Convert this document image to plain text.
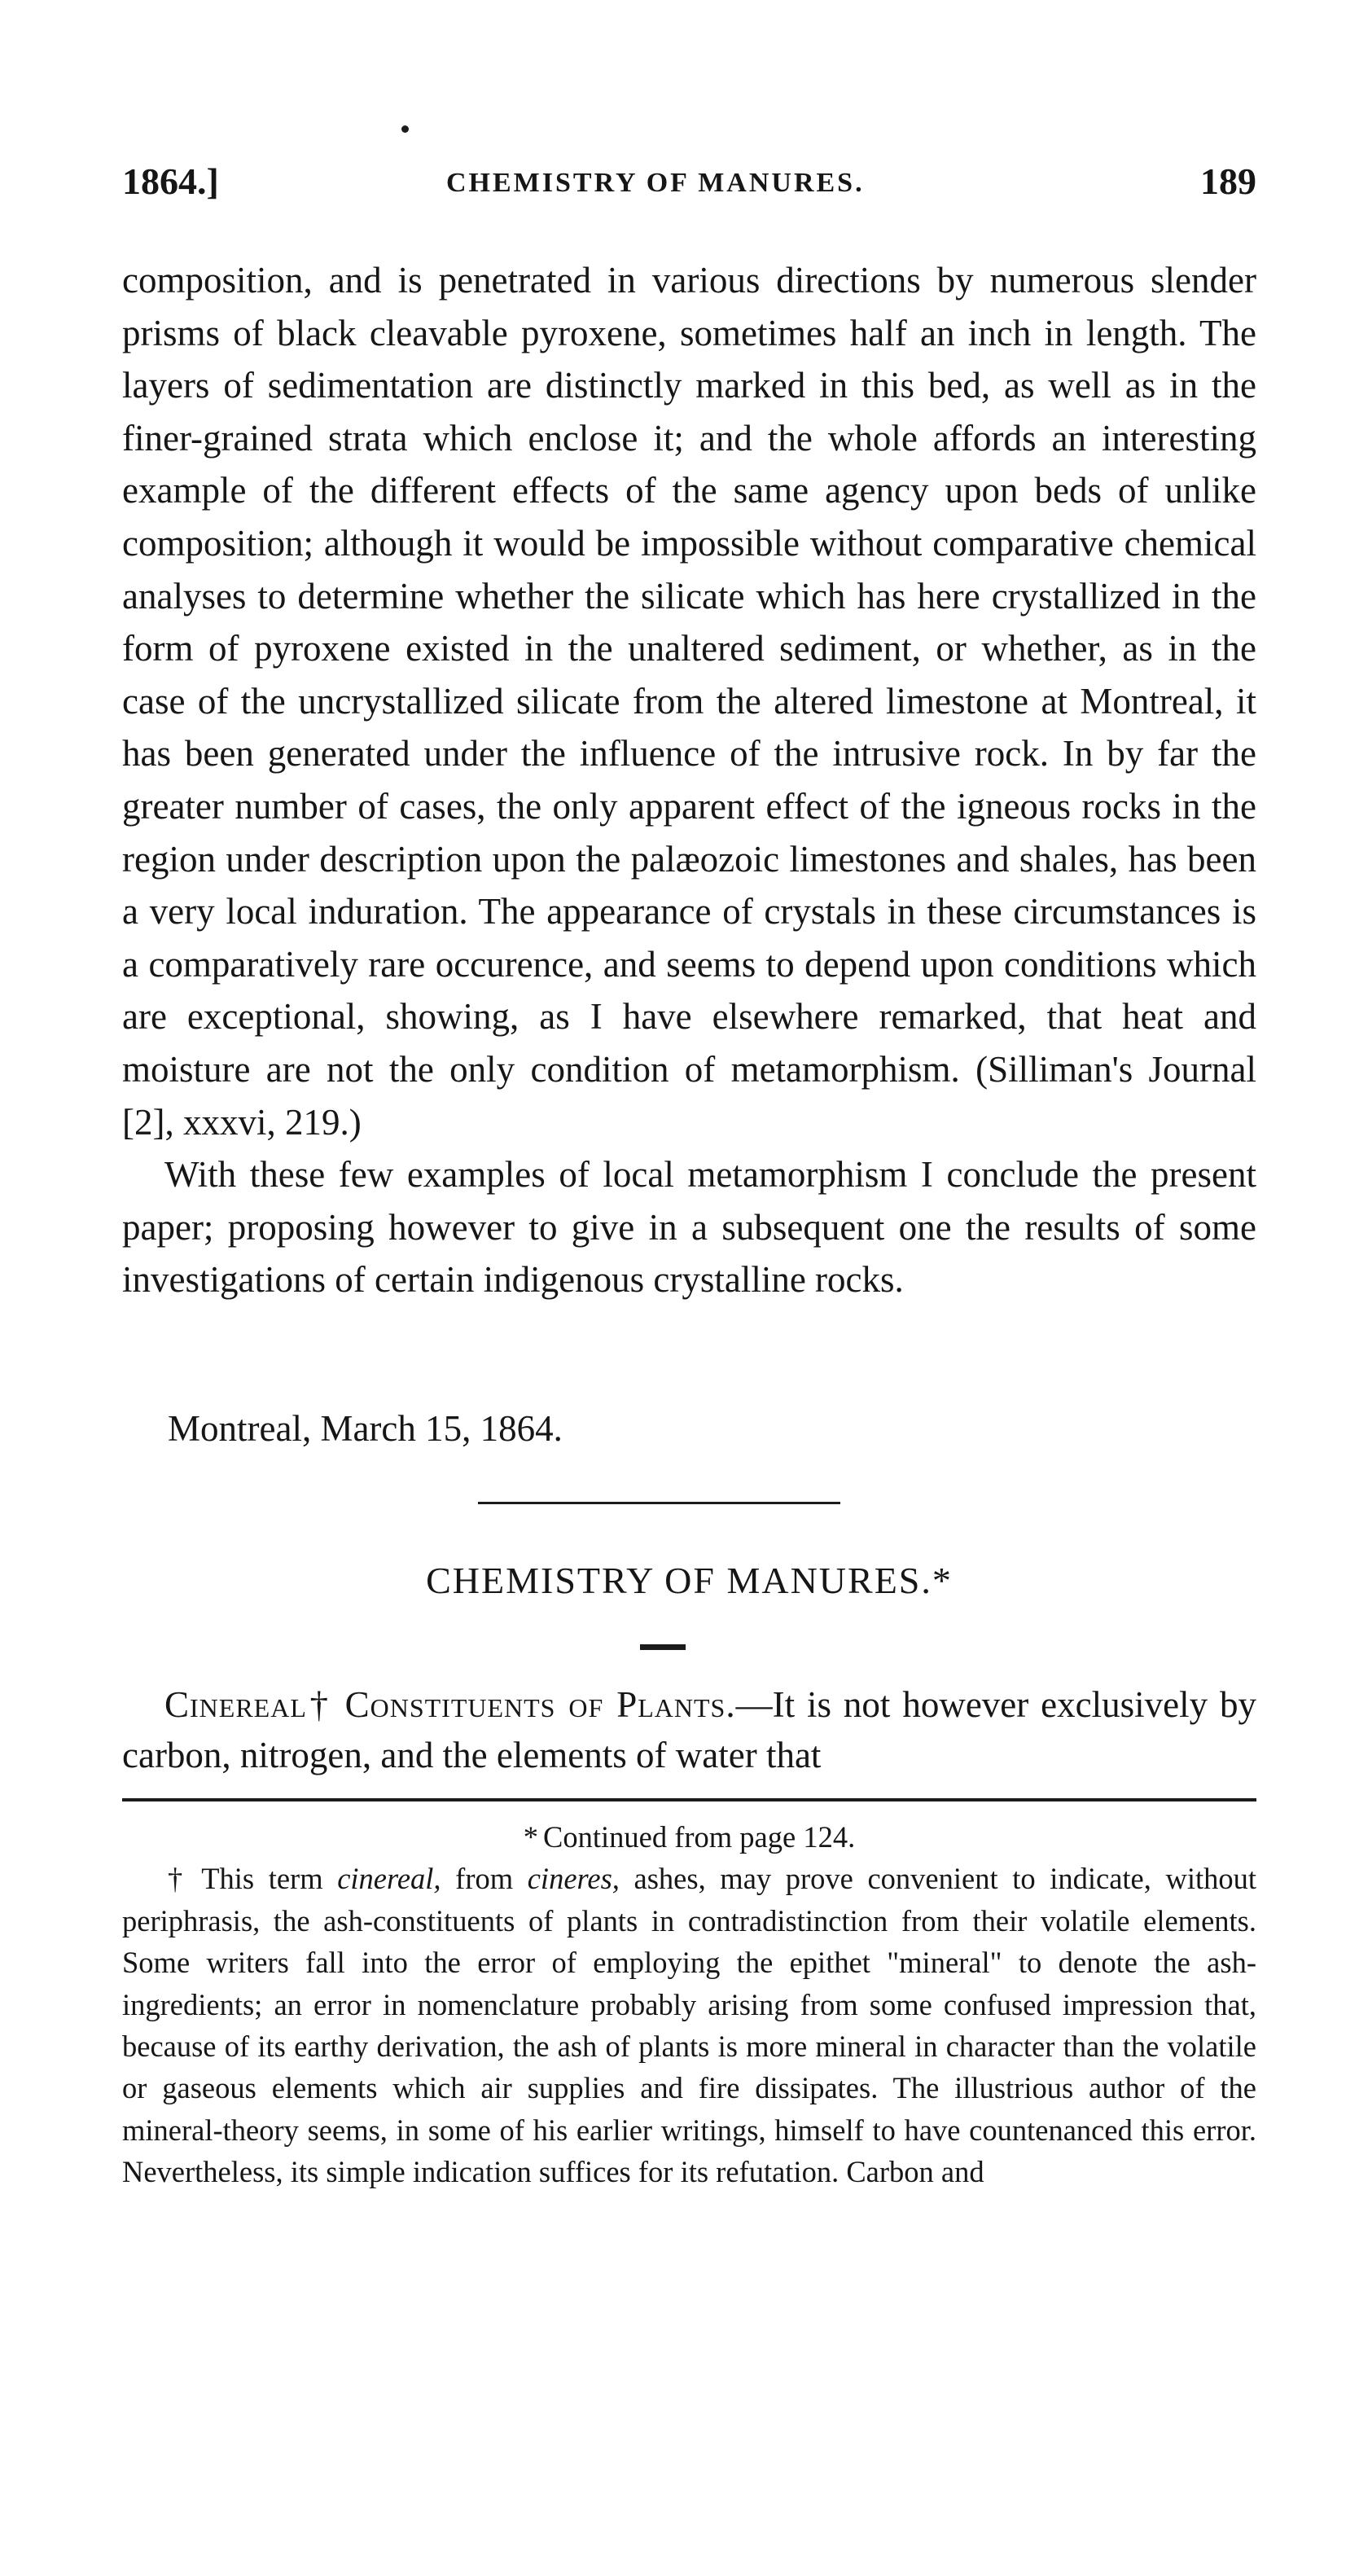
1864.]	CHEMISTRY OF MANURES.	189

composition, and is penetrated in various directions by numerous slender prisms of black cleavable pyroxene, sometimes half an inch in length. The layers of sedimentation are distinctly marked in this bed, as well as in the finer-grained strata which enclose it; and the whole affords an interesting example of the different effects of the same agency upon beds of unlike composition; although it would be impossible without comparative chemical analyses to determine whether the silicate which has here crystallized in the form of pyroxene existed in the unaltered sediment, or whether, as in the case of the uncrystallized silicate from the altered limestone at Montreal, it has been generated under the influence of the intrusive rock. In by far the greater number of cases, the only apparent effect of the igneous rocks in the region under description upon the palæozoic limestones and shales, has been a very local induration. The appearance of crystals in these circumstances is a comparatively rare occurence, and seems to depend upon conditions which are exceptional, showing, as I have elsewhere remarked, that heat and moisture are not the only condition of metamorphism. (Silliman's Journal [2], xxxvi, 219.)

With these few examples of local metamorphism I conclude the present paper; proposing however to give in a subsequent one the results of some investigations of certain indigenous crystalline rocks.

Montreal, March 15, 1864.
CHEMISTRY OF MANURES.*

Cinereal† Constituents of Plants.—It is not however exclusively by carbon, nitrogen, and the elements of water that

* Continued from page 124.

† This term cinereal, from cineres, ashes, may prove convenient to indicate, without periphrasis, the ash-constituents of plants in contradistinction from their volatile elements. Some writers fall into the error of employing the epithet "mineral" to denote the ash-ingredients; an error in nomenclature probably arising from some confused impression that, because of its earthy derivation, the ash of plants is more mineral in character than the volatile or gaseous elements which air supplies and fire dissipates. The illustrious author of the mineral-theory seems, in some of his earlier writings, himself to have countenanced this error. Nevertheless, its simple indication suffices for its refutation. Carbon and
